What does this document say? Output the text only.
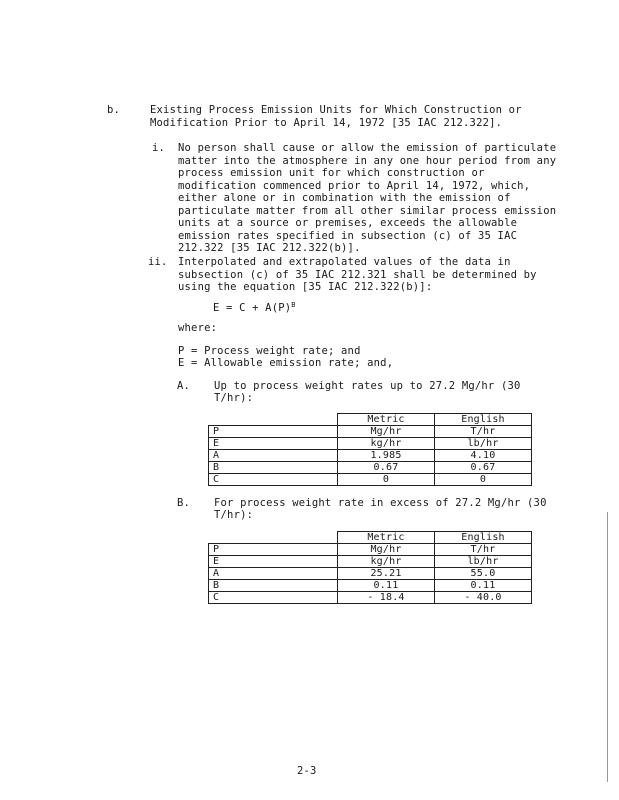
b.	Existing Process Emission Units for Which Construction or
Modification Prior to April 14, 1972 [35 IAC 212.322].
i. No person shall cause or allow the emission of particulate
matter into the atmosphere in any one hour period from any
process emission unit for which construction or
modification commenced prior to April 14, 1972, which,
either alone or in combination with the emission of
particulate matter from all other similar process emission
units at a source or premises, exceeds the allowable
emission rates specified in subsection (c) of 35 IAC
212.322 [35 IAC 212.322(b)].
ii. Interpolated and extrapolated values of the data in
subsection (c) of 35 IAC 212.321 shall be determined by
using the equation [35 IAC 212.322(b)]:
$E = C + A(P)^B$
where:
P = Process weight rate; and
E = Allowable emission rate; and,
A. Up to process weight rates up to 27.2 Mg/hr (30
T/hr):
	Metric	English
P	Mg/hr	T/hr
E	kg/hr	lb/hr
A	1.985	4.10
B	0.67	0.67
C	0	0
B. For process weight rate in excess of 27.2 Mg/hr (30
T/hr):
	Metric	English
P	Mg/hr	T/hr
E	kg/hr	lb/hr
A	25.21	55.0
B	0.11	0.11
C	- 18.4	- 40.0
2-3
